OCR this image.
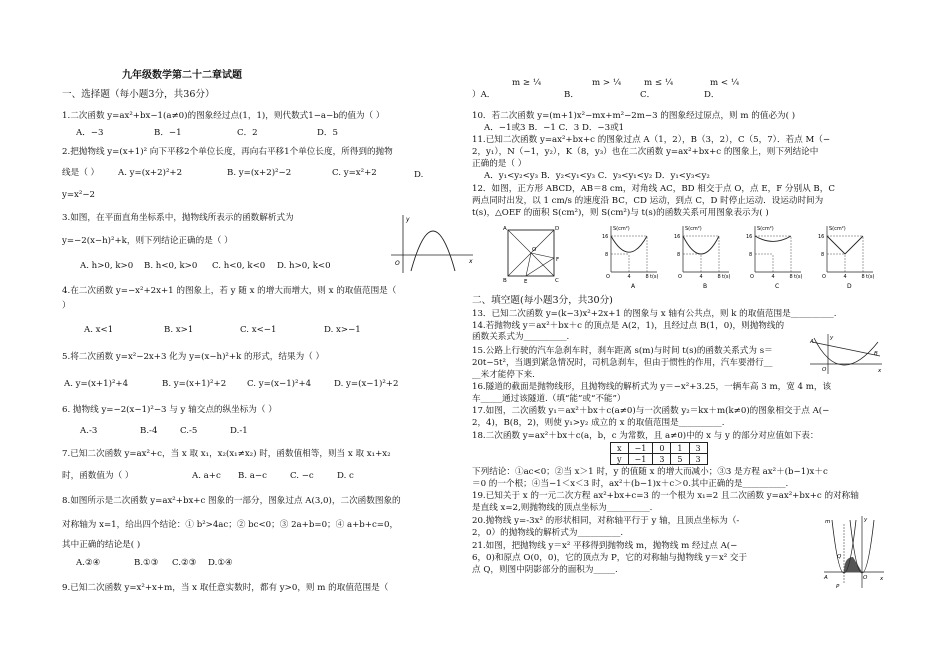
九年级数学第二十二章试题
一、选择题（每小题3分，共36分）
1.二次函数 y=ax²+bx−1(a≠0)的图象经过点(1，1)，则代数式1−a−b的值为（ ）
A．−3	B．−1	C．2	D．5
2.把抛物线 y=(x+1)² 向下平移2个单位长度，再向右平移1个单位长度，所得到的抛物
线是（ ） A. y=(x+2)²+2	B. y=(x+2)²−2	C. y=x²+2	D.
y=x²−2
3.如图，在平面直角坐标系中，抛物线所表示的函数解析式为
y=−2(x−h)²+k，则下列结论正确的是（ ）
A. h>0, k>0 B. h<0, k>0 C. h<0, k<0 D. h>0, k<0	O	x
y
4.在二次函数 y=−x²+2x+1 的图象上，若 y 随 x 的增大而增大，则 x 的取值范围是（
）
A. x<1	B. x>1	C. x<−1	D. x>−1
5.将二次函数 y=x²−2x+3 化为 y=(x−h)²+k 的形式，结果为（ ）
A. y=(x+1)²+4	B. y=(x+1)²+2 C. y=(x−1)²+4	D. y=(x−1)²+2
6. 抛物线 y=−2(x−1)²−3 与 y 轴交点的纵坐标为（ ）
A.-3	B.-4	C.-5	D.-1
7.已知二次函数 y=ax²+c，当 x 取 x₁，x₂(x₁≠x₂) 时，函数值相等，则当 x 取 x₁+x₂
时，函数值为（ ）	A. a+c B. a−c	C. −c	D. c
8.如图所示是二次函数 y=ax²+bx+c 图象的一部分，图象过点 A(3,0)，二次函数图象的
对称轴为 x=1，给出四个结论：① b²>4ac；② bc<0；③ 2a+b=0；④ a+b+c=0，
其中正确的结论是( )
A.②④	B.①③ C.②③ D.①④
9.已知二次函数 y=x²+x+m，当 x 取任意实数时，都有 y>0，则 m 的取值范围是（
）A．
m ≥ ¼
B．
m > ¼
C．
m ≤ ¼
D．
m < ¼
10．若二次函数 y=(m+1)x²−mx+m²−2m−3 的图象经过原点，则 m 的值必为( )
A．−1或3 B．−1 C．3 D．−3或1
11.已知二次函数 y=ax²+bx+c 的图象过点 A（1，2），B（3，2），C（5，7）．若点 M（−
2，y₁），N（−1，y₂），K（8，y₃）也在二次函数 y=ax²+bx+c 的图象上，则下列结论中
正确的是（ ）
A．y₁<y₂<y₃ B．y₂<y₁<y₃ C．y₃<y₁<y₂ D．y₁<y₃<y₂
12．如图，正方形 ABCD，AB＝8 cm，对角线 AC，BD 相交于点 O，点 E，F 分别从 B，C
两点同时出发，以 1 cm/s 的速度沿 BC，CD 运动，到点 C，D 时停止运动．设运动时间为
t(s)，△OEF 的面积 S(cm²)，则 S(cm²)与 t(s)的函数关系可用图象表示为( )
A	D
B	C
E
F
O
S(cm²)
16
8
O	4	8 t(s)
A
S(cm²)
16
8
O	4	8 t(s)
B
S(cm²)
16
8
O	4	8 t(s)
C
S(cm²)
16
8
O	4	8 t(s)
D
二、填空题(每小题3分，共30分)
13．已知二次函数 y=(k−3)x²+2x+1 的图象与 x 轴有公共点，则 k 的取值范围是__________.
14.若抛物线 y＝ax²＋bx＋c 的顶点是 A(2，1)，且经过点 B(1，0)，则抛物线的
函数关系式为__________.
15.公路上行驶的汽车急刹车时，刹车距离 s(m)与时间 t(s)的函数关系式为 s＝
20t−5t²，当遇到紧急情况时，司机急刹车，但由于惯性的作用，汽车要滑行__
__米才能停下来.
A
B
O	x
y
16.隧道的截面是抛物线形，且抛物线的解析式为 y＝−x²+3.25，一辆车高 3 m，宽 4 m，该
车_____通过该隧道.（填“能”或“不能”）
17.如图，二次函数 y₁＝ax²＋bx＋c(a≠0)与一次函数 y₂＝kx＋m(k≠0)的图象相交于点 A(−
2，4)，B(8，2)，则使 y₁>y₂ 成立的 x 的取值范围是__________.
18.二次函数 y=ax²＋bx＋c(a，b，c 为常数，且 a≠0)中的 x 与 y 的部分对应值如下表：
x	−1	0	1	3
y	−1	3	5	3
下列结论：①ac<0；②当 x＞1 时，y 的值随 x 的增大而减小；③3 是方程 ax²＋(b−1)x＋c
＝0 的一个根；④当−1＜x＜3 时，ax²＋(b−1)x＋c＞0.其中正确的是__________.
19.已知关于 x 的一元二次方程 ax²+bx+c=3 的一个根为 x₁=2 且二次函数 y=ax²+bx+c 的对称轴
是直线 x=2,则抛物线的顶点坐标为__________.
20.抛物线 y=-3x² 的形状相同，对称轴平行于 y 轴，且顶点坐标为（-
2，0）的抛物线的解析式为__________.
21.如图，把抛物线 y＝x² 平移得到抛物线 m，抛物线 m 经过点 A(−
6，0)和原点 O(0，0)，它的顶点为 P，它的对称轴与抛物线 y＝x² 交于
点 Q，则图中阴影部分的面积为_____.
m	y
x
Q
O
P
A
